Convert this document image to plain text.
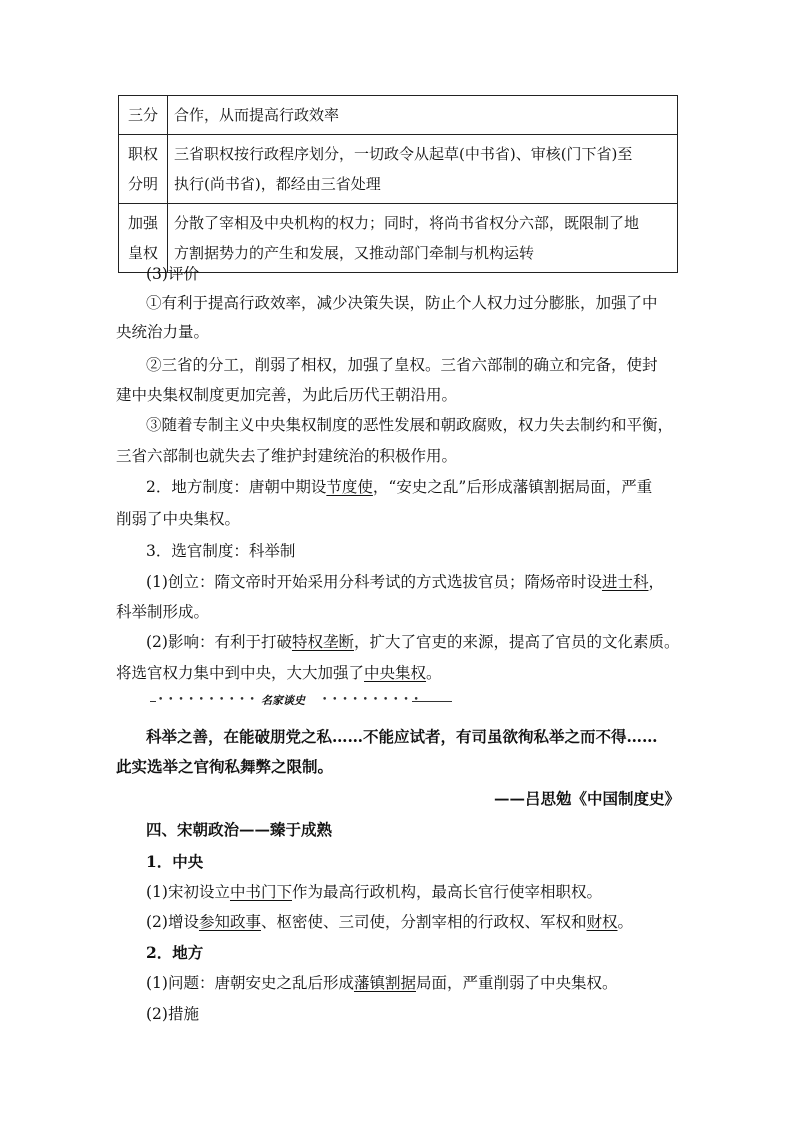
三分	合作，从而提高行政效率
职权分明	三省职权按行政程序划分，一切政令从起草(中书省)、审核(门下省)至
执行(尚书省)，都经由三省处理
加强皇权	分散了宰相及中央机构的权力；同时，将尚书省权分六部，既限制了地
方割据势力的产生和发展，又推动部门牵制与机构运转
(3)评价
①有利于提高行政效率，减少决策失误，防止个人权力过分膨胀，加强了中
央统治力量。
②三省的分工，削弱了相权，加强了皇权。三省六部制的确立和完备，使封
建中央集权制度更加完善，为此后历代王朝沿用。
③随着专制主义中央集权制度的恶性发展和朝政腐败，权力失去制约和平衡，
三省六部制也就失去了维护封建统治的积极作用。
2．地方制度：唐朝中期设节度使，“安史之乱”后形成藩镇割据局面，严重
削弱了中央集权。
3．选官制度：科举制
(1)创立：隋文帝时开始采用分科考试的方式选拔官员；隋炀帝时设进士科，
科举制形成。
(2)影响：有利于打破特权垄断，扩大了官吏的来源，提高了官员的文化素质。
将选官权力集中到中央，大大加强了中央集权。
• • • • • • • • • • 名家谈史	• • • • • • • • • •
科举之善，在能破朋党之私……不能应试者，有司虽欲徇私举之而不得……
此实选举之官徇私舞弊之限制。
——吕思勉《中国制度史》
四、宋朝政治——臻于成熟
1．中央
(1)宋初设立中书门下作为最高行政机构，最高长官行使宰相职权。
(2)增设参知政事、枢密使、三司使，分割宰相的行政权、军权和财权。
2．地方
(1)问题：唐朝安史之乱后形成藩镇割据局面，严重削弱了中央集权。
(2)措施
